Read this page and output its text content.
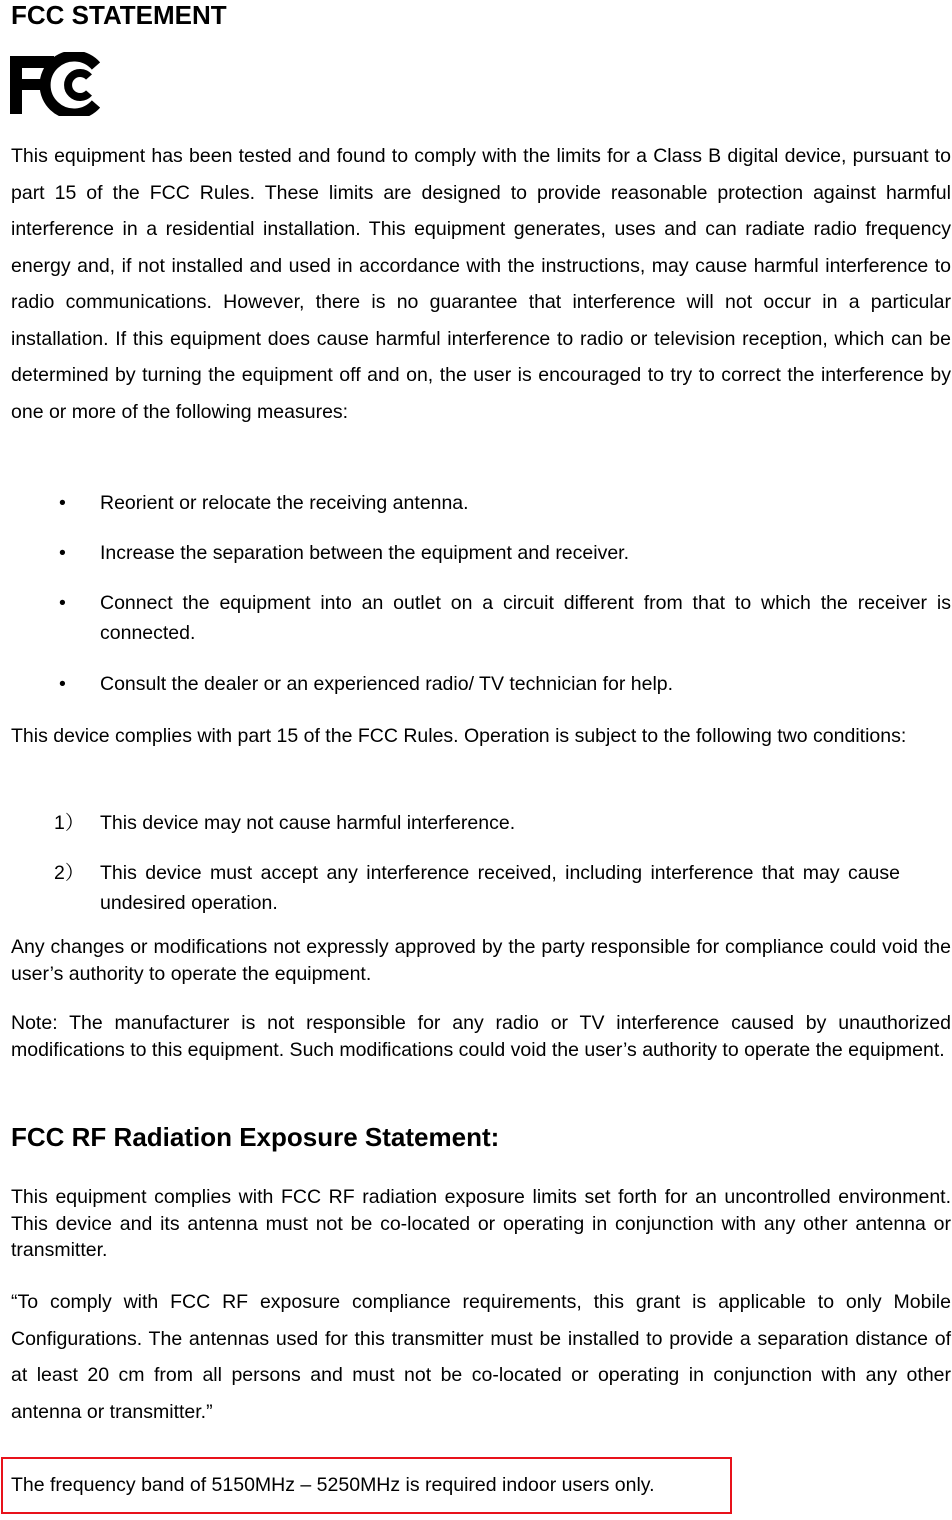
FCC STATEMENT

This equipment has been tested and found to comply with the limits for a Class B digital device, pursuant to part 15 of the FCC Rules. These limits are designed to provide reasonable protection against harmful interference in a residential installation. This equipment generates, uses and can radiate radio frequency energy and, if not installed and used in accordance with the instructions, may cause harmful interference to radio communications. However, there is no guarantee that interference will not occur in a particular installation. If this equipment does cause harmful interference to radio or television reception, which can be determined by turning the equipment off and on, the user is encouraged to try to correct the interference by one or more of the following measures:

• Reorient or relocate the receiving antenna.
• Increase the separation between the equipment and receiver.
• Connect the equipment into an outlet on a circuit different from that to which the receiver is connected.
• Consult the dealer or an experienced radio/ TV technician for help.

This device complies with part 15 of the FCC Rules. Operation is subject to the following two conditions:

1） This device may not cause harmful interference.
2） This device must accept any interference received, including interference that may cause undesired operation.

Any changes or modifications not expressly approved by the party responsible for compliance could void the user’s authority to operate the equipment.

Note: The manufacturer is not responsible for any radio or TV interference caused by unauthorized modifications to this equipment. Such modifications could void the user’s authority to operate the equipment.

FCC RF Radiation Exposure Statement:

This equipment complies with FCC RF radiation exposure limits set forth for an uncontrolled environment. This device and its antenna must not be co-located or operating in conjunction with any other antenna or transmitter.

“To comply with FCC RF exposure compliance requirements, this grant is applicable to only Mobile Configurations. The antennas used for this transmitter must be installed to provide a separation distance of at least 20 cm from all persons and must not be co-located or operating in conjunction with any other antenna or transmitter.”

The frequency band of 5150MHz – 5250MHz is required indoor users only.
